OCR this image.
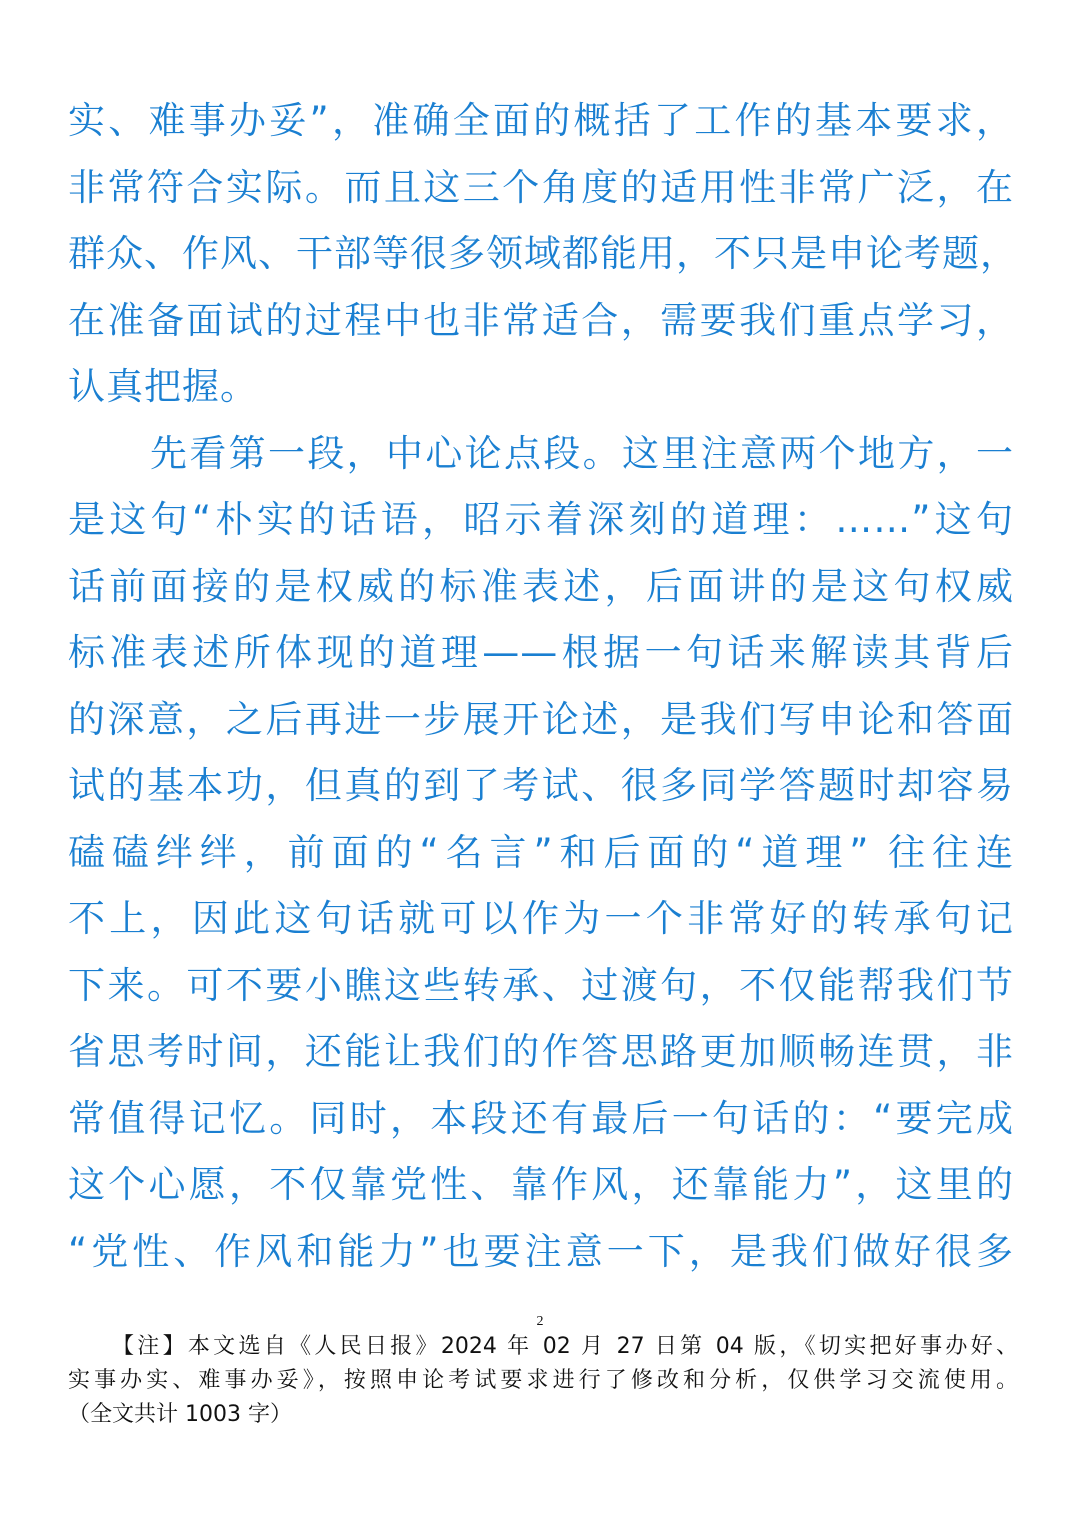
实、难事办妥”，准确全面的概括了工作的基本要求，
非常符合实际。而且这三个角度的适用性非常广泛，在
群众、作风、干部等很多领域都能用，不只是申论考题，
在准备面试的过程中也非常适合，需要我们重点学习，
认真把握。
先看第一段，中心论点段。这里注意两个地方，一
是这句“朴实的话语，昭示着深刻的道理：……”这句
话前面接的是权威的标准表述，后面讲的是这句权威
标准表述所体现的道理——根据一句话来解读其背后
的深意，之后再进一步展开论述，是我们写申论和答面
试的基本功，但真的到了考试、很多同学答题时却容易
磕磕绊绊，前面的“名言”和后面的“道理” 往往连
不上，因此这句话就可以作为一个非常好的转承句记
下来。可不要小瞧这些转承、过渡句，不仅能帮我们节
省思考时间，还能让我们的作答思路更加顺畅连贯，非
常值得记忆。同时，本段还有最后一句话的：“要完成
这个心愿，不仅靠党性、靠作风，还靠能力”，这里的
“党性、作风和能力”也要注意一下，是我们做好很多
2
【注】本文选自《人民日报》2024 年 02 月 27 日第 04 版，《切实把好事办好、
实事办实、难事办妥》，按照申论考试要求进行了修改和分析，仅供学习交流使用。
（全文共计 1003 字）
